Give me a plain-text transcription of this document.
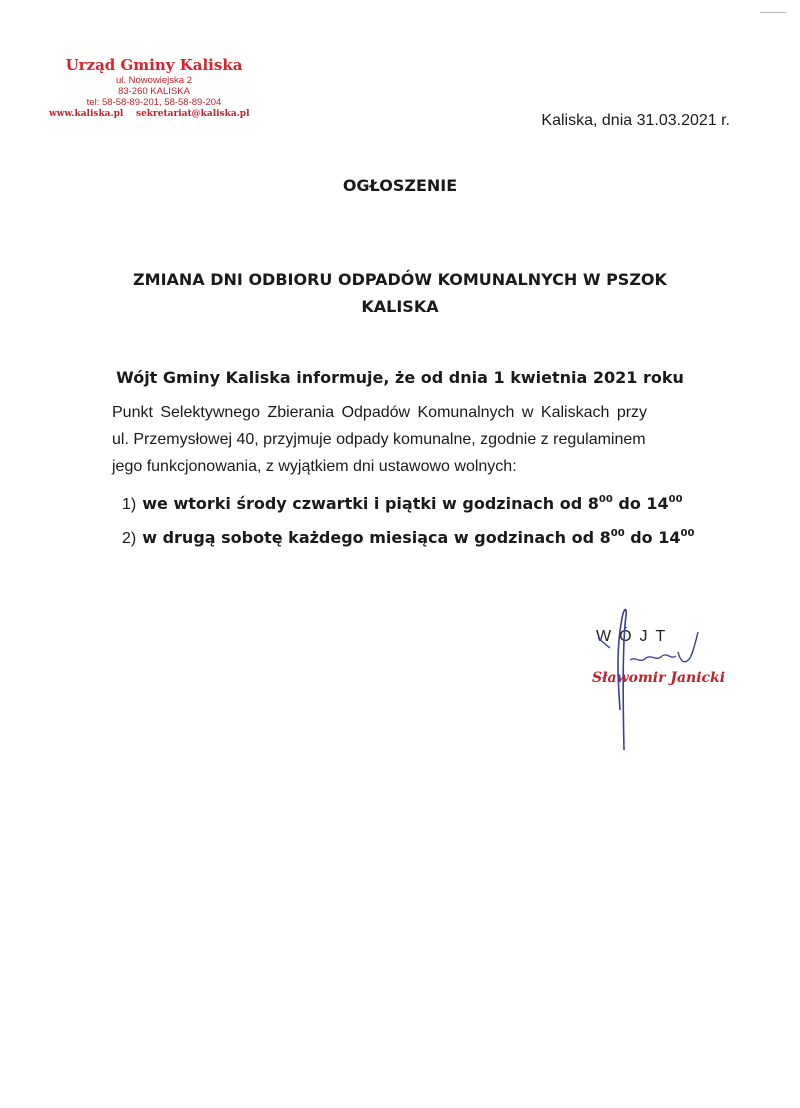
Urząd Gminy Kaliska
ul. Nowowiejska 2
83-260 KALISKA
tel: 58-58-89-201, 58-58-89-204
www.kaliska.pl sekretariat@kaliska.pl	Kaliska, dnia 31.03.2021 r.
OGŁOSZENIE
ZMIANA DNI ODBIORU ODPADÓW KOMUNALNYCH W PSZOK
KALISKA
Wójt Gminy Kaliska informuje, że od dnia 1 kwietnia 2021 roku
Punkt Selektywnego Zbierania Odpadów Komunalnych w Kaliskach przy
ul. Przemysłowej 40, przyjmuje odpady komunalne, zgodnie z regulaminem
jego funkcjonowania, z wyjątkiem dni ustawowo wolnych:
1) we wtorki środy czwartki i piątki w godzinach od $8^{00}$ do $14^{00}$
2) w drugą sobotę każdego miesiąca w godzinach od $8^{00}$ do $14^{00}$
WÓJT
Sławomir Janicki
